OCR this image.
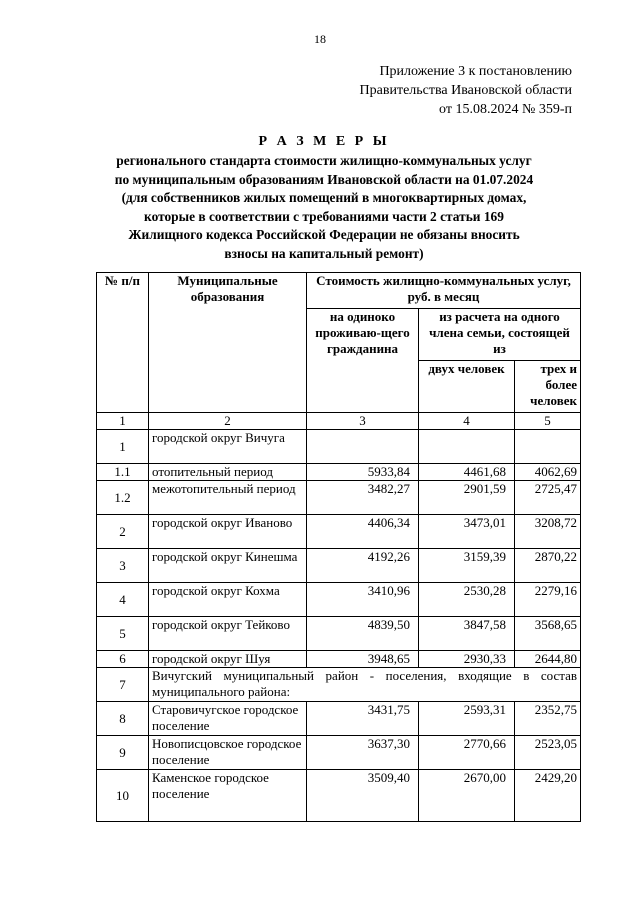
18
Приложение 3 к постановлению
Правительства Ивановской области
от 15.08.2024 № 359-п
Р А З М Е Р Ы
регионального стандарта стоимости жилищно-коммунальных услуг
по муниципальным образованиям Ивановской области на 01.07.2024
(для собственников жилых помещений в многоквартирных домах,
которые в соответствии с требованиями части 2 статьи 169
Жилищного кодекса Российской Федерации не обязаны вносить
взносы на капитальный ремонт)
№ п/п	Муниципальные образования	Стоимость жилищно-коммунальных услуг, руб. в месяц		
		на одиноко проживаю-щего гражданина	из расчета на одного члена семьи, состоящей из	
			двух человек	трех и более человек
1	2	3	4	5
1	городской округ Вичуга			
1.1	отопительный период	5933,84	4461,68	4062,69
1.2	межотопительный период	3482,27	2901,59	2725,47
2	городской округ Иваново	4406,34	3473,01	3208,72
3	городской округ Кинешма	4192,26	3159,39	2870,22
4	городской округ Кохма	3410,96	2530,28	2279,16
5	городской округ Тейково	4839,50	3847,58	3568,65
6	городской округ Шуя	3948,65	2930,33	2644,80
7	Вичугский муниципальный район - поселения, входящие в состав муниципального района:			
8	Старовичугское городское поселение	3431,75	2593,31	2352,75
9	Новописцовское городское поселение	3637,30	2770,66	2523,05
10	Каменское городское поселение	3509,40	2670,00	2429,20
